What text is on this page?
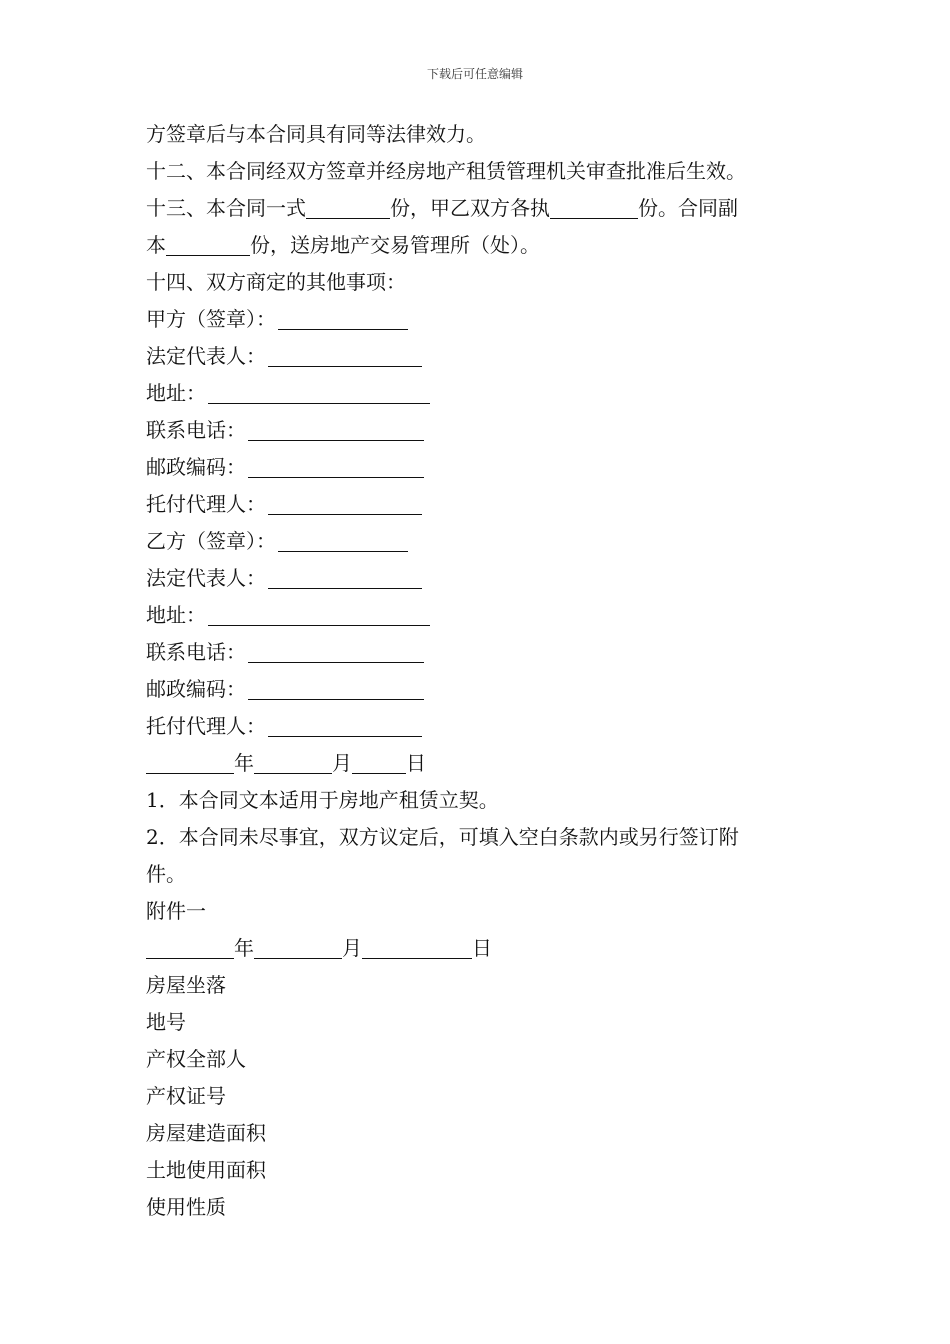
下载后可任意编辑
方签章后与本合同具有同等法律效力。
十二、本合同经双方签章并经房地产租赁管理机关审查批准后生效。
十三、本合同一式	份，甲乙双方各执	份。合同副
本	份，送房地产交易管理所（处）。
十四、双方商定的其他事项：
甲方（签章）：
法定代表人：
地址：
联系电话：
邮政编码：
托付代理人：
乙方（签章）：
法定代表人：
地址：
联系电话：
邮政编码：
托付代理人：
年	月	日
1．本合同文本适用于房地产租赁立契。
2．本合同未尽事宜，双方议定后，可填入空白条款内或另行签订附
件。
附件一
年	月	日
房屋坐落
地号
产权全部人
产权证号
房屋建造面积
土地使用面积
使用性质
